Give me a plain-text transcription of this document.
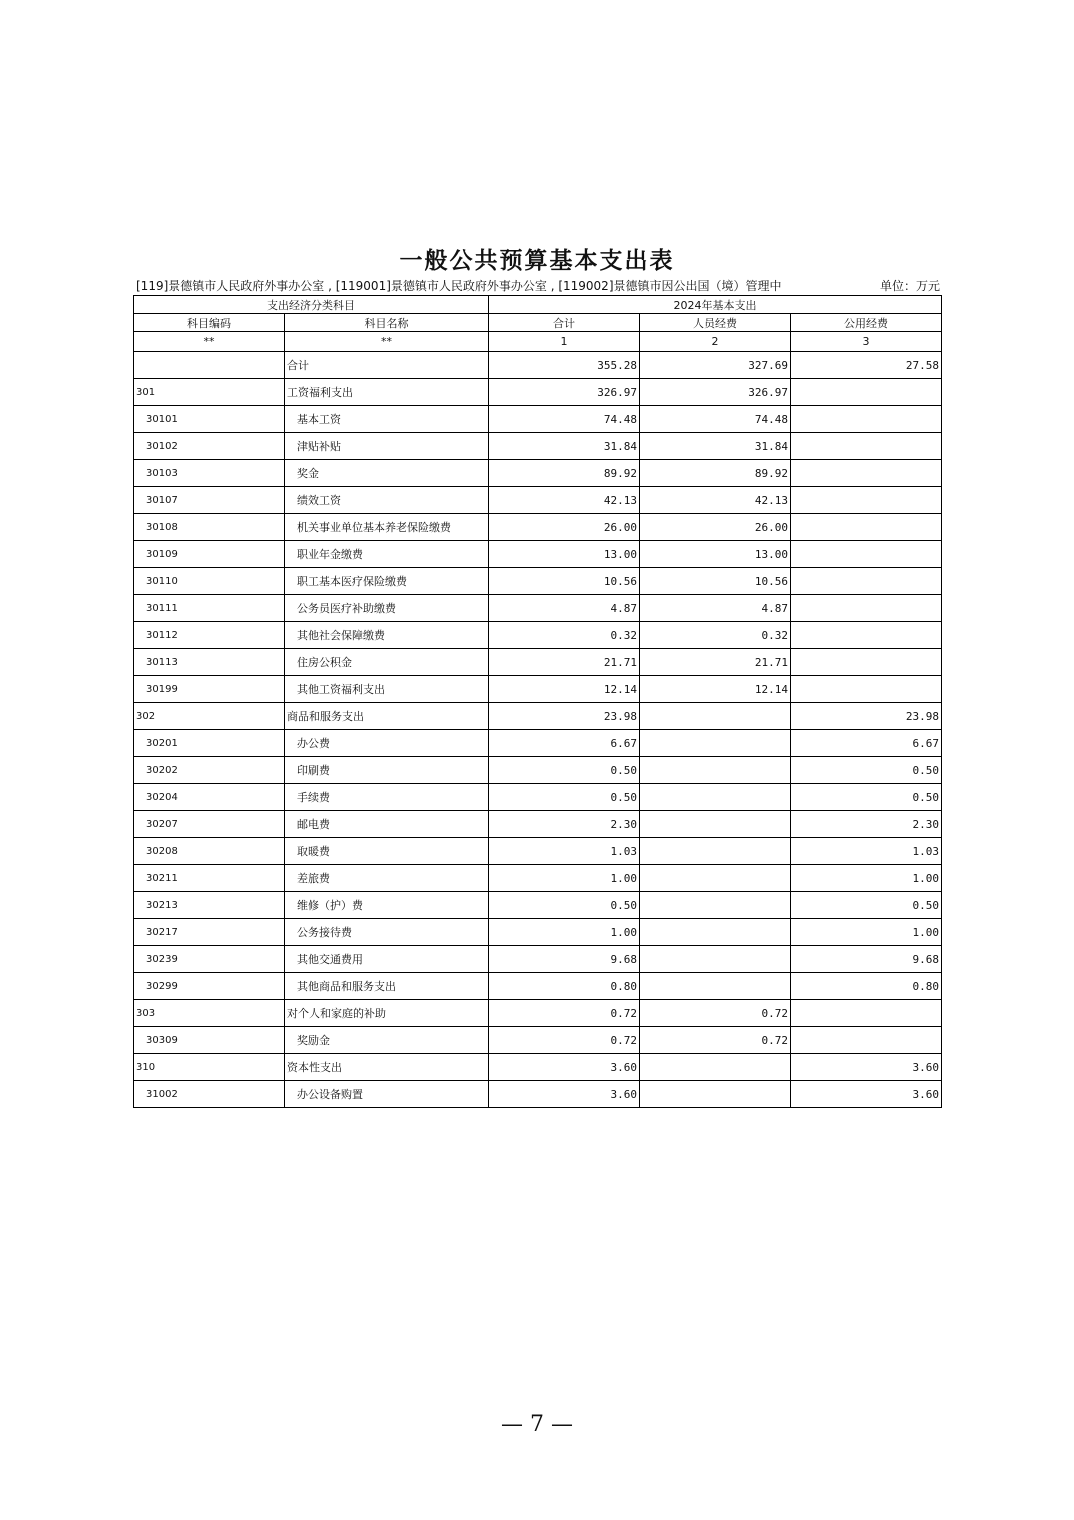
一般公共预算基本支出表
[119]景德镇市人民政府外事办公室 , [119001]景德镇市人民政府外事办公室 , [119002]景德镇市因公出国（境）管理中	单位：万元
支出经济分类科目		2024年基本支出		
科目编码	科目名称	合计	人员经费	公用经费
**	**	1	2	3
	合计	355.28	327.69	27.58
301	工资福利支出	326.97	326.97	
30101	基本工资	74.48	74.48	
30102	津贴补贴	31.84	31.84	
30103	奖金	89.92	89.92	
30107	绩效工资	42.13	42.13	
30108	机关事业单位基本养老保险缴费	26.00	26.00	
30109	职业年金缴费	13.00	13.00	
30110	职工基本医疗保险缴费	10.56	10.56	
30111	公务员医疗补助缴费	4.87	4.87	
30112	其他社会保障缴费	0.32	0.32	
30113	住房公积金	21.71	21.71	
30199	其他工资福利支出	12.14	12.14	
302	商品和服务支出	23.98		23.98
30201	办公费	6.67		6.67
30202	印刷费	0.50		0.50
30204	手续费	0.50		0.50
30207	邮电费	2.30		2.30
30208	取暖费	1.03		1.03
30211	差旅费	1.00		1.00
30213	维修（护）费	0.50		0.50
30217	公务接待费	1.00		1.00
30239	其他交通费用	9.68		9.68
30299	其他商品和服务支出	0.80		0.80
303	对个人和家庭的补助	0.72	0.72	
30309	奖励金	0.72	0.72	
310	资本性支出	3.60		3.60
31002	办公设备购置	3.60		3.60
— 7 —
